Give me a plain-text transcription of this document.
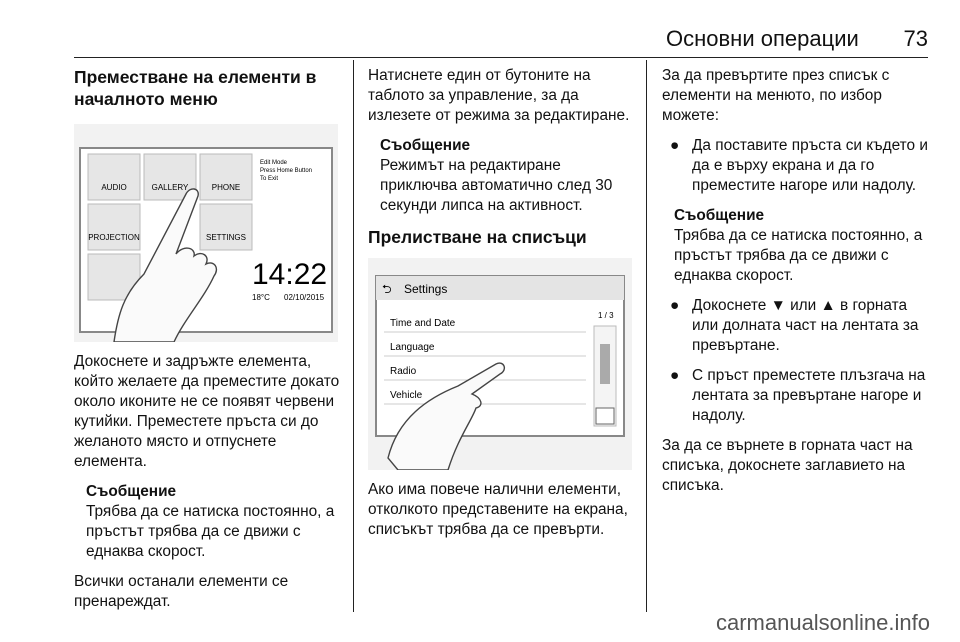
Основни операции 73
Преместване на елементи в началното меню
AUDIO	GALLERY	PHONE
PROJECTION	SETTINGS
Edit Mode
Press Home Button
To Exit
14:22
18°C 02/10/2015

Докоснете и задръжте елемента, който желаете да преместите докато около иконите не се появят червени кутийки. Преместете пръста си до желаното място и отпуснете елемента.

Съобщение
Трябва да се натиска постоянно, а пръстът трябва да се движи с еднаква скорост.

Всички останали елементи се пренареждат.

Натиснете един от бутоните на таблото за управление, за да излезете от режима за редактиране.

Съобщение
Режимът на редактиране приключва автоматично след 30 секунди липса на активност.
Прелистване на списъци
⮌ Settings
1 / 3
Time and Date
Language
Radio
Vehicle

Ако има повече налични елементи, отколкото представените на екрана, списъкът трябва да се превърти.

За да превъртите през списък с елементи на менюто, по избор можете:

● Да поставите пръста си където и да е върху екрана и да го преместите нагоре или надолу.
Съобщение
Трябва да се натиска постоянно, а пръстът трябва да се движи с еднаква скорост.
● Докоснете ▼ или ▲ в горната или долната част на лентата за превъртане.
● С пръст преместете плъзгача на лентата за превъртане нагоре и надолу.

За да се върнете в горната част на списъка, докоснете заглавието на списъка.

carmanualsonline.info
